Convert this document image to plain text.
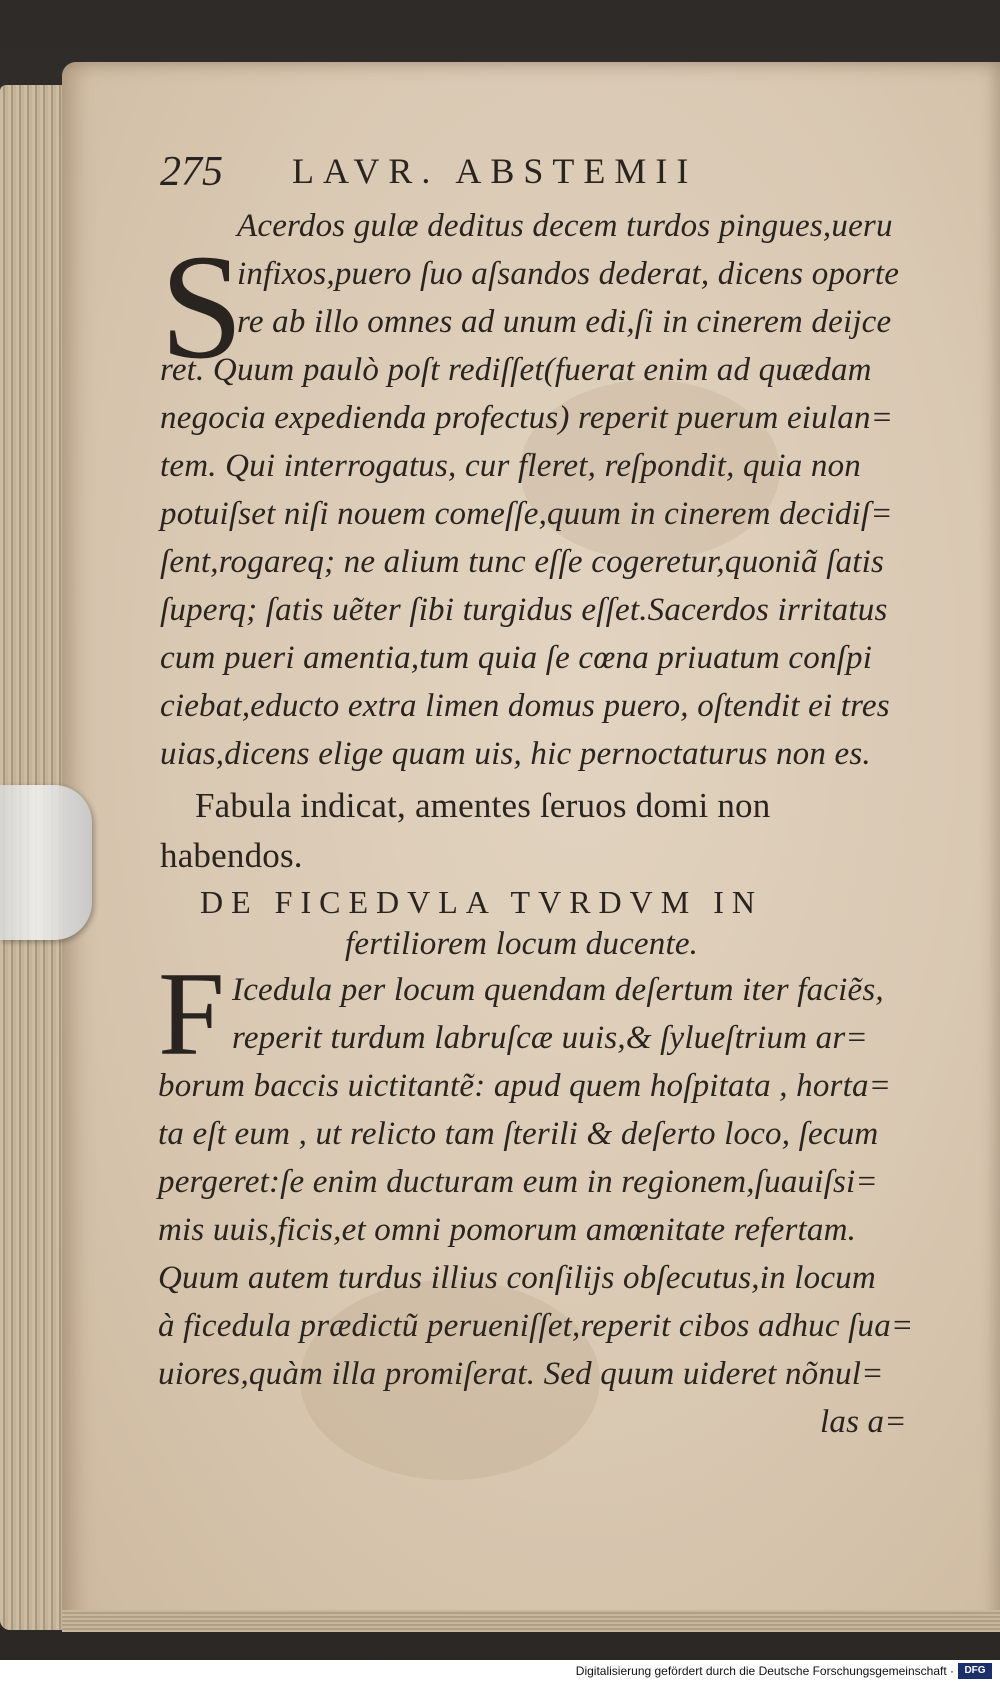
275 LAVR. ABSTEMII
S
Acerdos gulæ deditus decem turdos pingues,ueru
infixos,puero ſuo aſsandos dederat, dicens oporte
re ab illo omnes ad unum edi,ſi in cinerem deijce
ret. Quum paulò poſt rediſſet(fuerat enim ad quædam
negocia expedienda profectus) reperit puerum eiulan=
tem. Qui interrogatus, cur fleret, reſpondit, quia non
potuiſset niſi nouem comeſſe,quum in cinerem decidiſ=
ſent,rogareq; ne alium tunc eſſe cogeretur,quoniã ſatis
ſuperq; ſatis uẽter ſibi turgidus eſſet.Sacerdos irritatus
cum pueri amentia,tum quia ſe cœna priuatum conſpi
ciebat,educto extra limen domus puero, oſtendit ei tres
uias,dicens elige quam uis, hic pernoctaturus non es.
Fabula indicat, amentes ſeruos domi non
habendos.
DE FICEDVLA TVRDVM IN
fertiliorem locum ducente.
F Icedula per locum quendam deſertum iter faciẽs,
reperit turdum labruſcæ uuis,& ſylueſtrium ar=
borum baccis uictitantẽ: apud quem hoſpitata , horta=
ta eſt eum , ut relicto tam ſterili & deſerto loco, ſecum
pergeret:ſe enim ducturam eum in regionem,ſuauiſsi=
mis uuis,ficis,et omni pomorum amœnitate refertam.
Quum autem turdus illius conſilijs obſecutus,in locum
à ficedula prædictũ perueniſſet,reperit cibos adhuc ſua=
uiores,quàm illa promiſerat. Sed quum uideret nõnul=
las a=
Digitalisierung gefördert durch die Deutsche Forschungsgemeinschaft ·	DFG
